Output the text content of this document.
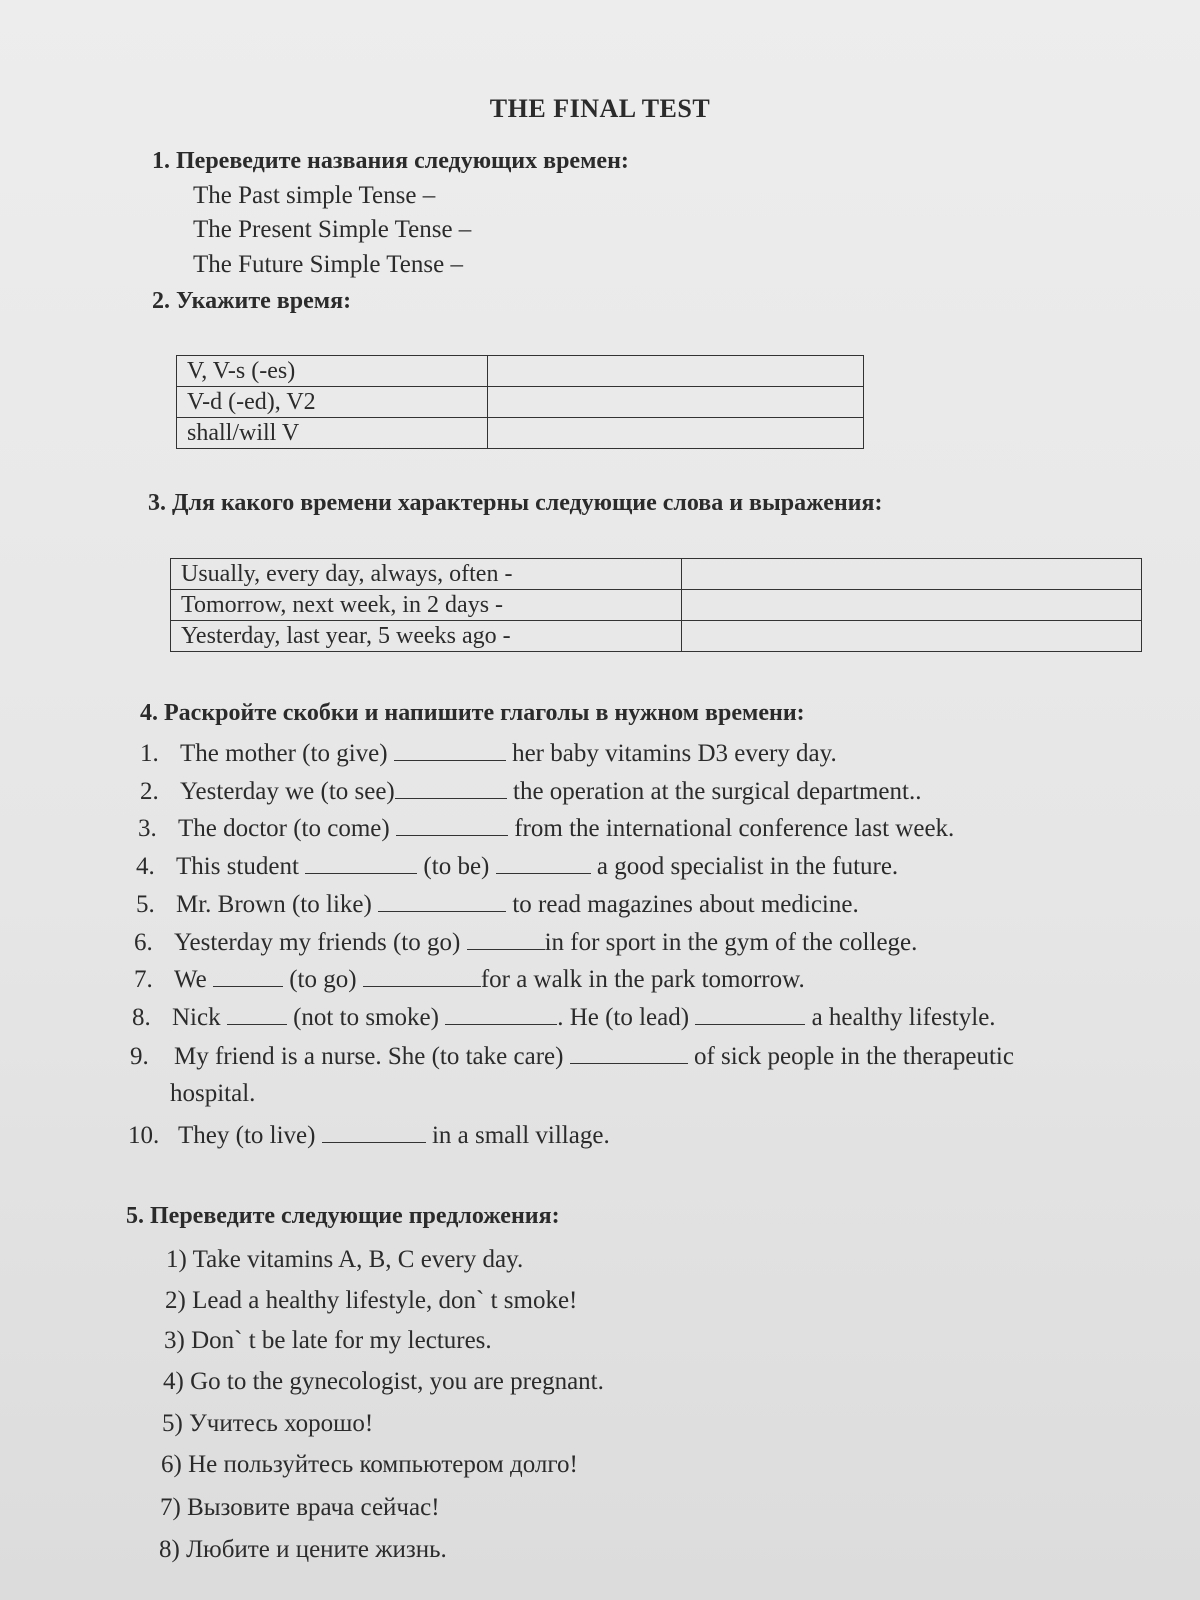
THE FINAL TEST
1. Переведите названия следующих времен:
The Past simple Tense –
The Present Simple Tense –
The Future Simple Tense –
2. Укажите время:
V, V-s (-es)	
V-d (-ed), V2	
shall/will V	
3. Для какого времени характерны следующие слова и выражения:
Usually, every day, always, often -	
Tomorrow, next week, in 2 days -	
Yesterday, last year, 5 weeks ago -	
4. Раскройте скобки и напишите глаголы в нужном времени:
1. The mother (to give)	her baby vitamins D3 every day.
2. Yesterday we (to see)	the operation at the surgical department..
3. The doctor (to come)	from the international conference last week.
4. This student	(to be)	a good specialist in the future.
5. Mr. Brown (to like)	to read magazines about medicine.
6. Yesterday my friends (to go)	in for sport in the gym of the college.
7. We	(to go)	for a walk in the park tomorrow.
8. Nick  (not to smoke)	. He (to lead)	a healthy lifestyle.
9. My friend is a nurse. She (to take care)	of sick people in the therapeutic
hospital.
10. They (to live)	in a small village.
5. Переведите следующие предложения:
1) Take vitamins A, B, C every day.
2) Lead a healthy lifestyle, don` t smoke!
3) Don` t be late for my lectures.
4) Go to the gynecologist, you are pregnant.
5) Учитесь хорошо!
6) Не пользуйтесь компьютером долго!
7) Вызовите врача сейчас!
8) Любите и цените жизнь.
